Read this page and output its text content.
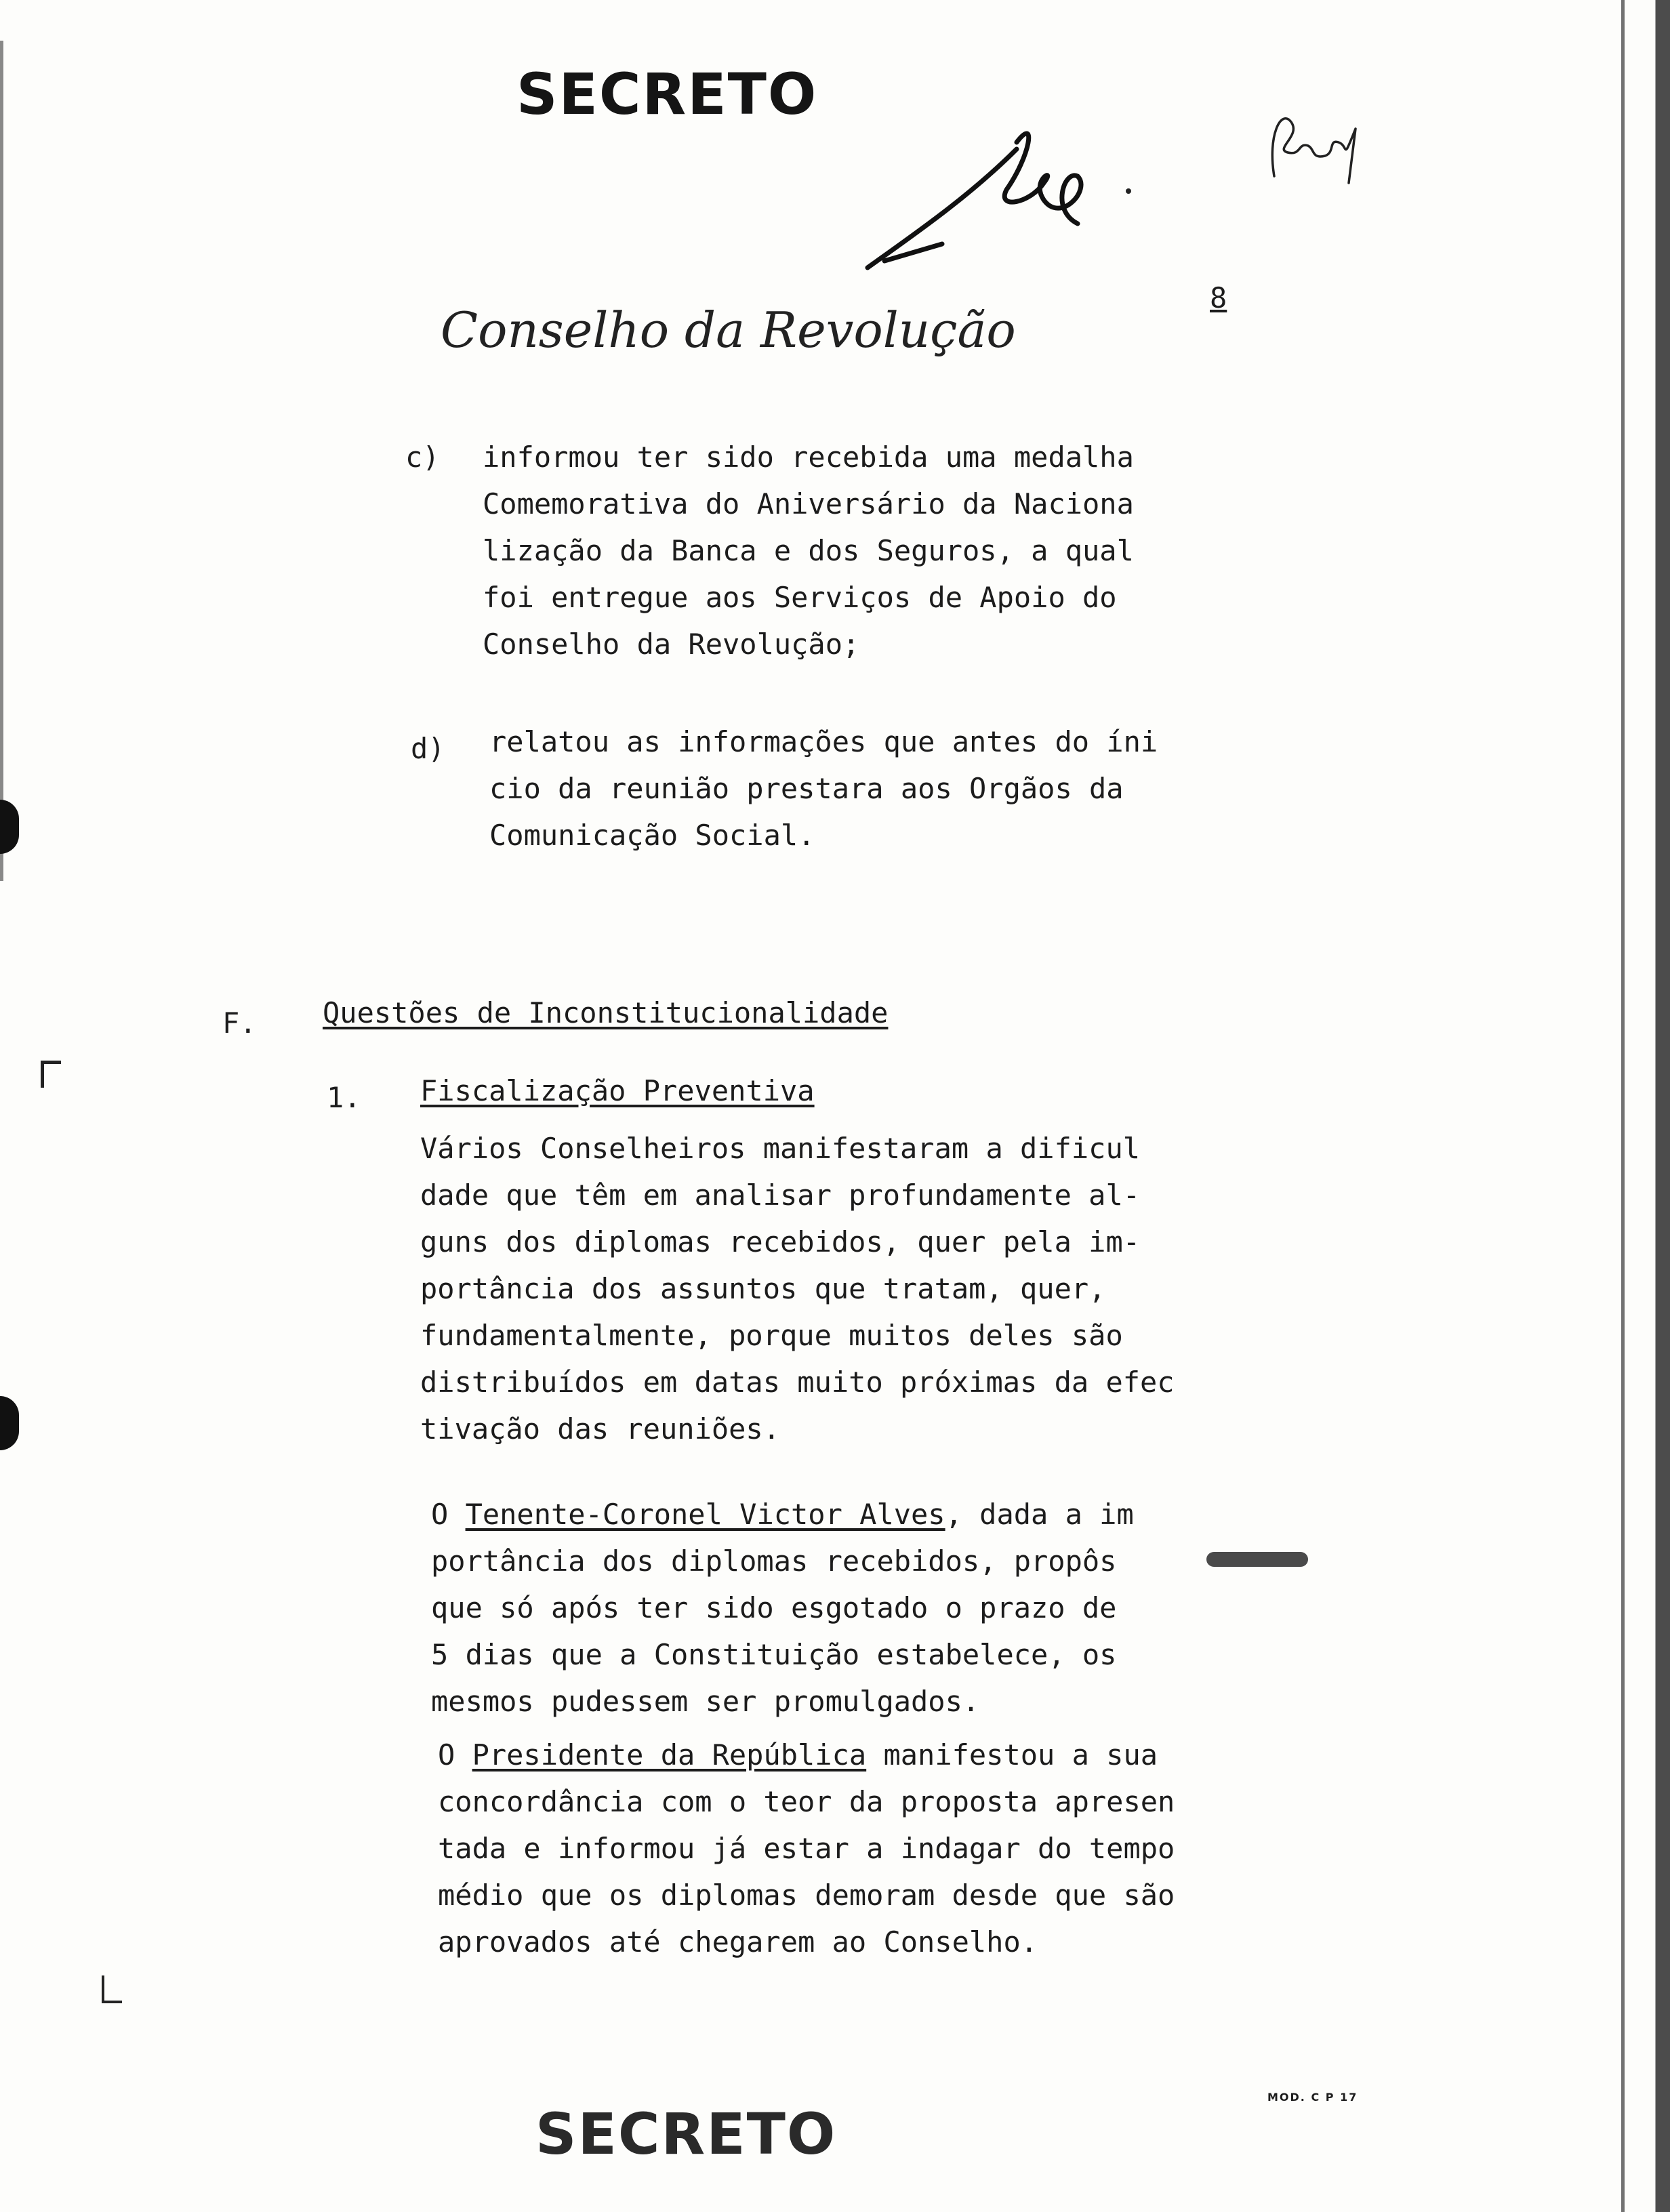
SECRETO
Conselho da Revolução
8
c) informou ter sido recebida uma medalha
Comemorativa do Aniversário da Naciona
lização da Banca e dos Seguros, a qual
foi entregue aos Serviços de Apoio do
Conselho da Revolução;
d) relatou as informações que antes do íni
cio da reunião prestara aos Orgãos da
Comunicação Social.
F. Questões de Inconstitucionalidade
1. Fiscalização Preventiva
Vários Conselheiros manifestaram a dificul
dade que têm em analisar profundamente al-
guns dos diplomas recebidos, quer pela im-
portância dos assuntos que tratam, quer,
fundamentalmente, porque muitos deles são
distribuídos em datas muito próximas da efec
tivação das reuniões.
O Tenente-Coronel Victor Alves, dada a im
portância dos diplomas recebidos, propôs
que só após ter sido esgotado o prazo de
5 dias que a Constituição estabelece, os
mesmos pudessem ser promulgados.
O Presidente da República manifestou a sua
concordância com o teor da proposta apresen
tada e informou já estar a indagar do tempo
médio que os diplomas demoram desde que são
aprovados até chegarem ao Conselho.
MOD. C P 17
SECRETO
